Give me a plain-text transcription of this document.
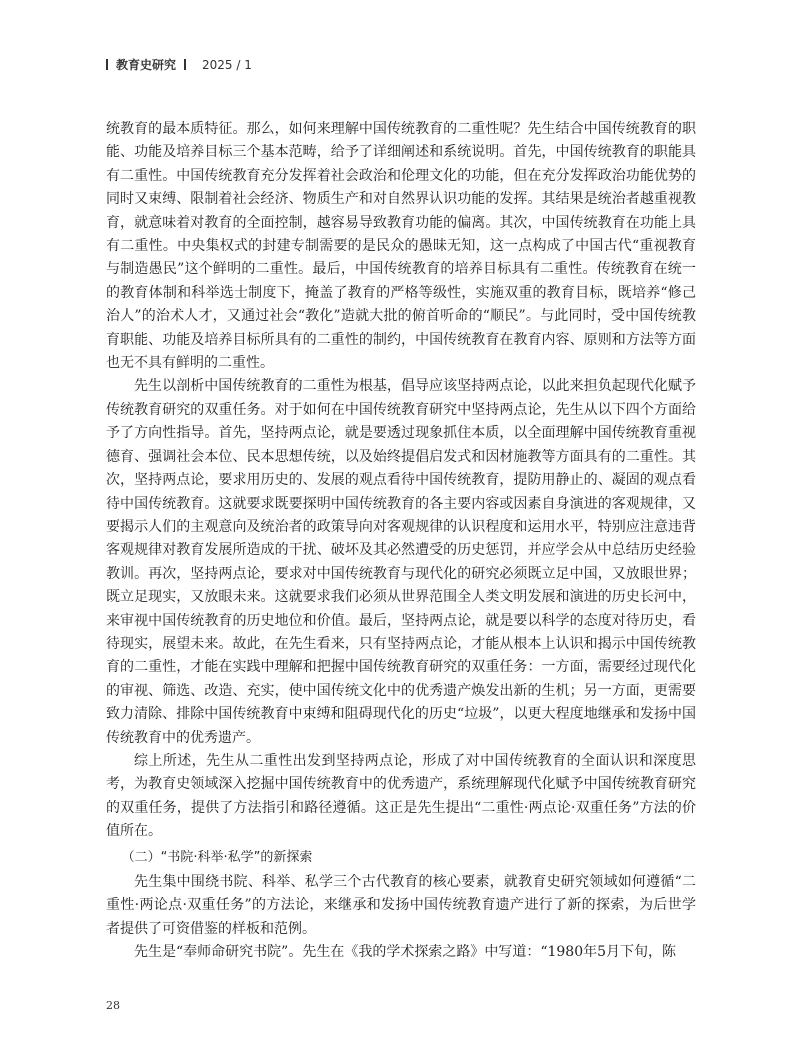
教育史研究 2025 / 1

统教育的最本质特征。那么，如何来理解中国传统教育的二重性呢？先生结合中国传统教育的职能、功能及培养目标三个基本范畴，给予了详细阐述和系统说明。首先，中国传统教育的职能具有二重性。中国传统教育充分发挥着社会政治和伦理文化的功能，但在充分发挥政治功能优势的同时又束缚、限制着社会经济、物质生产和对自然界认识功能的发挥。其结果是统治者越重视教育，就意味着对教育的全面控制，越容易导致教育功能的偏离。其次，中国传统教育在功能上具有二重性。中央集权式的封建专制需要的是民众的愚昧无知，这一点构成了中国古代“重视教育与制造愚民”这个鲜明的二重性。最后，中国传统教育的培养目标具有二重性。传统教育在统一的教育体制和科举选士制度下，掩盖了教育的严格等级性，实施双重的教育目标，既培养“修己治人”的治术人才，又通过社会“教化”造就大批的俯首听命的“顺民”。与此同时，受中国传统教育职能、功能及培养目标所具有的二重性的制约，中国传统教育在教育内容、原则和方法等方面也无不具有鲜明的二重性。

先生以剖析中国传统教育的二重性为根基，倡导应该坚持两点论，以此来担负起现代化赋予传统教育研究的双重任务。对于如何在中国传统教育研究中坚持两点论，先生从以下四个方面给予了方向性指导。首先，坚持两点论，就是要透过现象抓住本质，以全面理解中国传统教育重视德育、强调社会本位、民本思想传统，以及始终提倡启发式和因材施教等方面具有的二重性。其次，坚持两点论，要求用历史的、发展的观点看待中国传统教育，提防用静止的、凝固的观点看待中国传统教育。这就要求既要探明中国传统教育的各主要内容或因素自身演进的客观规律，又要揭示人们的主观意向及统治者的政策导向对客观规律的认识程度和运用水平，特别应注意违背客观规律对教育发展所造成的干扰、破坏及其必然遭受的历史惩罚，并应学会从中总结历史经验教训。再次，坚持两点论，要求对中国传统教育与现代化的研究必须既立足中国，又放眼世界；既立足现实，又放眼未来。这就要求我们必须从世界范围全人类文明发展和演进的历史长河中，来审视中国传统教育的历史地位和价值。最后，坚持两点论，就是要以科学的态度对待历史，看待现实，展望未来。故此，在先生看来，只有坚持两点论，才能从根本上认识和揭示中国传统教育的二重性，才能在实践中理解和把握中国传统教育研究的双重任务：一方面，需要经过现代化的审视、筛选、改造、充实，使中国传统文化中的优秀遗产焕发出新的生机；另一方面，更需要致力清除、排除中国传统教育中束缚和阻碍现代化的历史“垃圾”，以更大程度地继承和发扬中国传统教育中的优秀遗产。

综上所述，先生从二重性出发到坚持两点论，形成了对中国传统教育的全面认识和深度思考，为教育史领域深入挖掘中国传统教育中的优秀遗产，系统理解现代化赋予中国传统教育研究的双重任务，提供了方法指引和路径遵循。这正是先生提出“二重性·两点论·双重任务”方法的价值所在。

（二）“书院·科举·私学”的新探索

先生集中围绕书院、科举、私学三个古代教育的核心要素，就教育史研究领域如何遵循“二重性·两论点·双重任务”的方法论，来继承和发扬中国传统教育遗产进行了新的探索，为后世学者提供了可资借鉴的样板和范例。

先生是“奉师命研究书院”。先生在《我的学术探索之路》中写道：“1980年5月下旬，陈

28
